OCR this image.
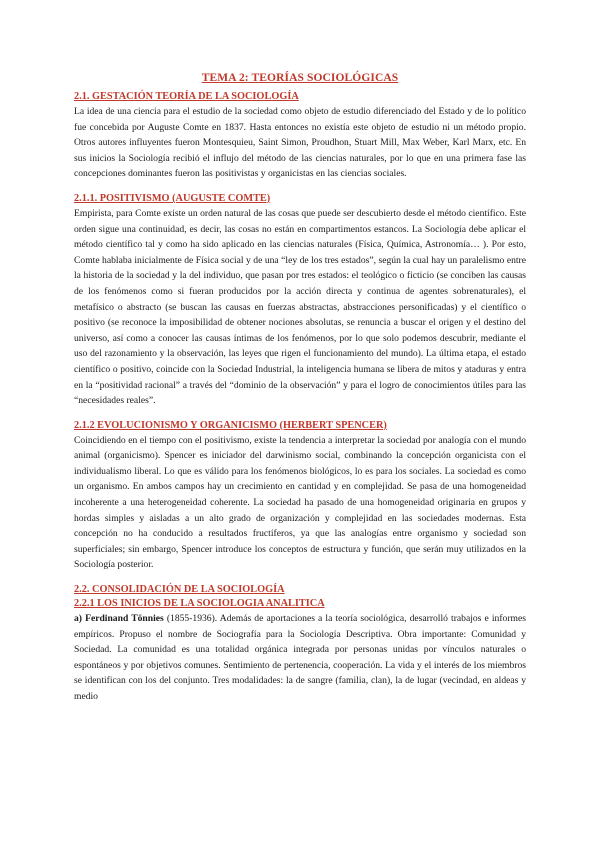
TEMA 2: TEORÍAS SOCIOLÓGICAS
2.1. GESTACIÓN TEORÍA DE LA SOCIOLOGÍA

La idea de una ciencia para el estudio de la sociedad como objeto de estudio diferenciado del Estado y de lo político fue concebida por Auguste Comte en 1837. Hasta entonces no existía este objeto de estudio ni un método propio. Otros autores influyentes fueron Montesquieu, Saint Simon, Proudhon, Stuart Mill, Max Weber, Karl Marx, etc. En sus inicios la Sociología recibió el influjo del método de las ciencias naturales, por lo que en una primera fase las concepciones dominantes fueron las positivistas y organicistas en las ciencias sociales.

2.1.1. POSITIVISMO (AUGUSTE COMTE)

Empirista, para Comte existe un orden natural de las cosas que puede ser descubierto desde el método científico. Este orden sigue una continuidad, es decir, las cosas no están en compartimentos estancos. La Sociología debe aplicar el método científico tal y como ha sido aplicado en las ciencias naturales (Física, Química, Astronomía… ). Por esto, Comte hablaba inicialmente de Física social y de una “ley de los tres estados”, según la cual hay un paralelismo entre la historia de la sociedad y la del individuo, que pasan por tres estados: el teológico o ficticio (se conciben las causas de los fenómenos como si fueran producidos por la acción directa y continua de agentes sobrenaturales), el metafísico o abstracto (se buscan las causas en fuerzas abstractas, abstracciones personificadas) y el científico o positivo (se reconoce la imposibilidad de obtener nociones absolutas, se renuncia a buscar el origen y el destino del universo, así como a conocer las causas íntimas de los fenómenos, por lo que solo podemos descubrir, mediante el uso del razonamiento y la observación, las leyes que rigen el funcionamiento del mundo). La última etapa, el estado científico o positivo, coincide con la Sociedad Industrial, la inteligencia humana se libera de mitos y ataduras y entra en la “positividad racional” a través del “dominio de la observación” y para el logro de conocimientos útiles para las “necesidades reales”.

2.1.2 EVOLUCIONISMO Y ORGANICISMO (HERBERT SPENCER)

Coincidiendo en el tiempo con el positivismo, existe la tendencia a interpretar la sociedad por analogía con el mundo animal (organicismo). Spencer es iniciador del darwinismo social, combinando la concepción organicista con el individualismo liberal. Lo que es válido para los fenómenos biológicos, lo es para los sociales. La sociedad es como un organismo. En ambos campos hay un crecimiento en cantidad y en complejidad. Se pasa de una homogeneidad incoherente a una heterogeneidad coherente. La sociedad ha pasado de una homogeneidad originaria en grupos y hordas simples y aisladas a un alto grado de organización y complejidad en las sociedades modernas. Esta concepción no ha conducido a resultados fructíferos, ya que las analogías entre organismo y sociedad son superficiales; sin embargo, Spencer introduce los conceptos de estructura y función, que serán muy utilizados en la Sociología posterior.

2.2. CONSOLIDACIÓN DE LA SOCIOLOGÍA
2.2.1 LOS INICIOS DE LA SOCIOLOGIA ANALITICA

a) Ferdinand Tönnies (1855-1936). Además de aportaciones a la teoría sociológica, desarrolló trabajos e informes empíricos. Propuso el nombre de Sociografía para la Sociología Descriptiva. Obra importante: Comunidad y Sociedad. La comunidad es una totalidad orgánica integrada por personas unidas por vínculos naturales o espontáneos y por objetivos comunes. Sentimiento de pertenencia, cooperación. La vida y el interés de los miembros se identifican con los del conjunto. Tres modalidades: la de sangre (familia, clan), la de lugar (vecindad, en aldeas y medio
